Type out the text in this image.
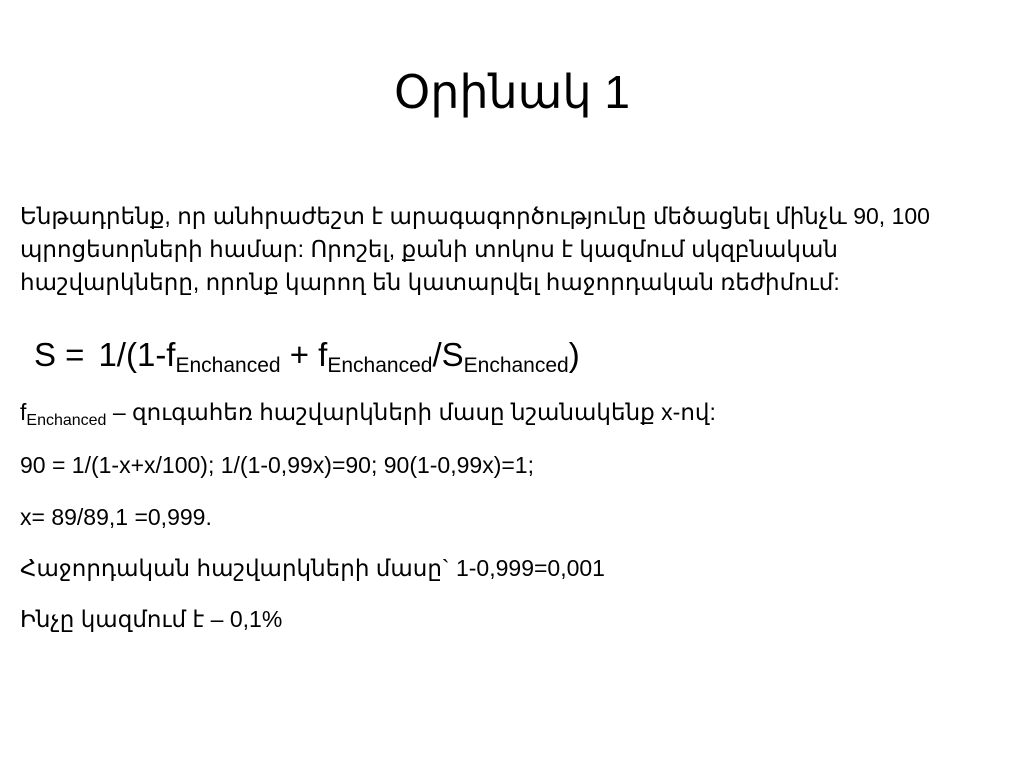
Օրինակ 1

Ենթադրենք, որ անհրաժեշտ է արագագործությունը մեծացնել մինչև 90, 100 պրոցեսորների համար: Որոշել, քանի տոկոս է կազմում սկզբնական հաշվարկները, որոնք կարող են կատարվել հաջորդական ռեժիմում:

$S = 1/(1-f_{Enchanced} + f_{Enchanced}/S_{Enchanced})$

$f_{Enchanced}$ – զուգահեռ հաշվարկների մասը նշանակենք x-ով:

90 = 1/(1-x+x/100); 1/(1-0,99x)=90; 90(1-0,99x)=1;

x= 89/89,1 =0,999.

Հաջորդական հաշվարկների մասը` 1-0,999=0,001

Ինչը կազմում է – 0,1%
